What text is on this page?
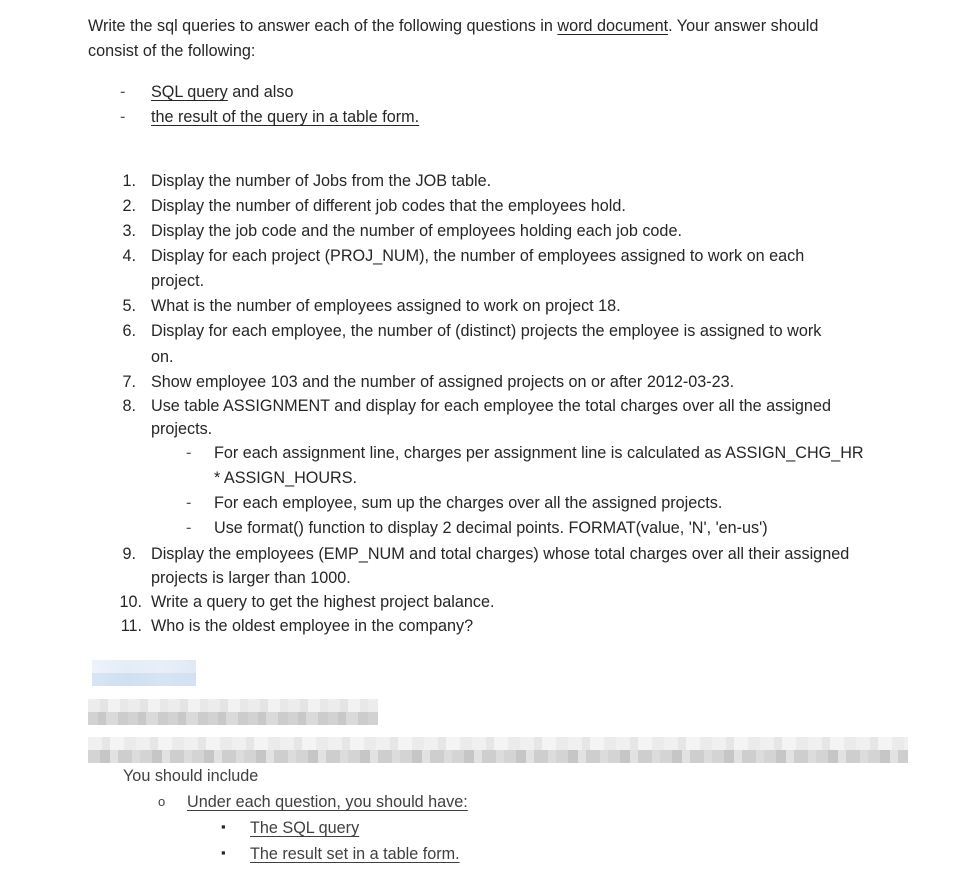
Write the sql queries to answer each of the following questions in word document. Your answer should
consist of the following:
- SQL query and also
- the result of the query in a table form.
1. Display the number of Jobs from the JOB table.
2. Display the number of different job codes that the employees hold.
3. Display the job code and the number of employees holding each job code.
4. Display for each project (PROJ_NUM), the number of employees assigned to work on each
project.
5. What is the number of employees assigned to work on project 18.
6. Display for each employee, the number of (distinct) projects the employee is assigned to work
on.
7. Show employee 103 and the number of assigned projects on or after 2012-03-23.
8. Use table ASSIGNMENT and display for each employee the total charges over all the assigned
projects.
- For each assignment line, charges per assignment line is calculated as ASSIGN_CHG_HR
* ASSIGN_HOURS.
- For each employee, sum up the charges over all the assigned projects.
- Use format() function to display 2 decimal points. FORMAT(value, 'N', 'en-us')
9. Display the employees (EMP_NUM and total charges) whose total charges over all their assigned
projects is larger than 1000.
10. Write a query to get the highest project balance.
11. Who is the oldest employee in the company?
You should include
o Under each question, you should have:
▪ The SQL query
▪ The result set in a table form.
